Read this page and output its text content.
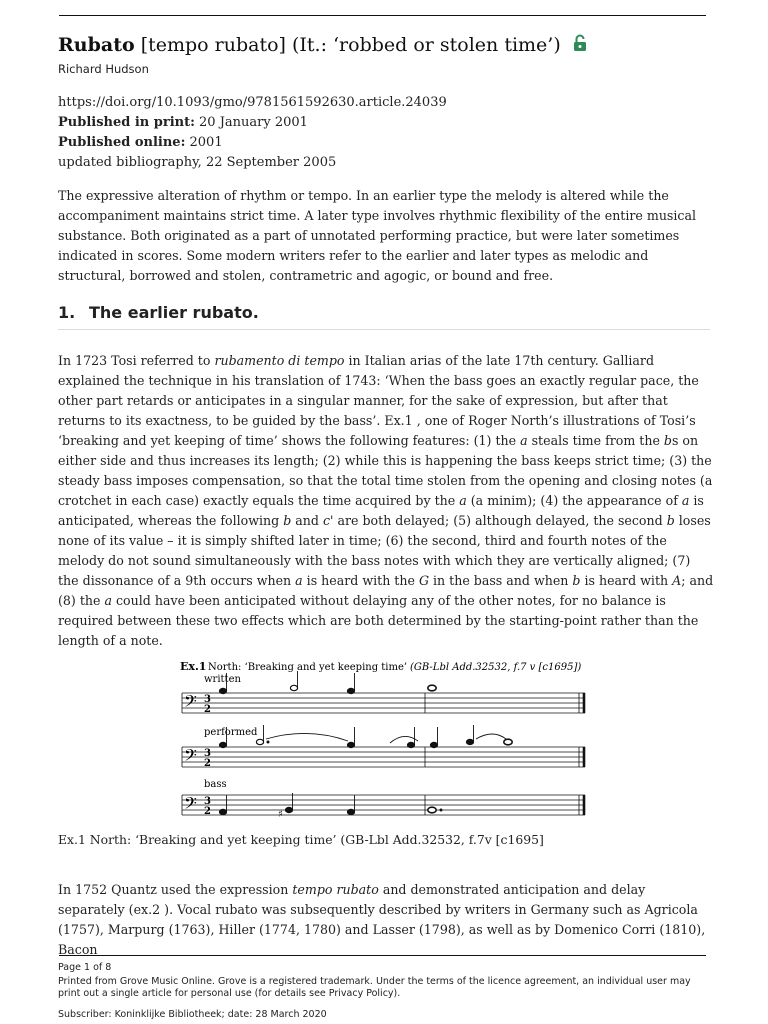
Rubato [tempo rubato] (It.: ‘robbed or stolen time’)
Richard Hudson
https://doi.org/10.1093/gmo/9781561592630.article.24039
Published in print: 20 January 2001
Published online: 2001
updated bibliography, 22 September 2005

The expressive alteration of rhythm or tempo. In an earlier type the melody is altered while the accompaniment maintains strict time. A later type involves rhythmic flexibility of the entire musical substance. Both originated as a part of unnotated performing practice, but were later sometimes indicated in scores. Some modern writers refer to the earlier and later types as melodic and structural, borrowed and stolen, contrametric and agogic, or bound and free.

1. The earlier rubato.

In 1723 Tosi referred to rubamento di tempo in Italian arias of the late 17th century. Galliard explained the technique in his translation of 1743: ‘When the bass goes an exactly regular pace, the other part retards or anticipates in a singular manner, for the sake of expression, but after that returns to its exactness, to be guided by the bass’. Ex.1 , one of Roger North’s illustrations of Tosi’s ‘breaking and yet keeping of time’ shows the following features: (1) the a steals time from the bs on either side and thus increases its length; (2) while this is happening the bass keeps strict time; (3) the steady bass imposes compensation, so that the total time stolen from the opening and closing notes (a crotchet in each case) exactly equals the time acquired by the a (a minim); (4) the appearance of a is anticipated, whereas the following b and c' are both delayed; (5) although delayed, the second b loses none of its value – it is simply shifted later in time; (6) the second, third and fourth notes of the melody do not sound simultaneously with the bass notes with which they are vertically aligned; (7) the dissonance of a 9th occurs when a is heard with the G in the bass and when b is heard with A; and (8) the a could have been anticipated without delaying any of the other notes, for no balance is required between these two effects which are both determined by the starting-point rather than the length of a note.

Ex.1 North: ‘Breaking and yet keeping time’ (GB-Lbl Add.32532, f.7 v [c1695])
written
𝄢 3
2
performed
𝄢 3
2
bass
𝄢 3
2	♯
Ex.1 North: ‘Breaking and yet keeping time’ (GB-Lbl Add.32532, f.7v [c1695]

In 1752 Quantz used the expression tempo rubato and demonstrated anticipation and delay separately (ex.2 ). Vocal rubato was subsequently described by writers in Germany such as Agricola (1757), Marpurg (1763), Hiller (1774, 1780) and Lasser (1798), as well as by Domenico Corri (1810), Bacon

Page 1 of 8
Printed from Grove Music Online. Grove is a registered trademark. Under the terms of the licence agreement, an individual user may print out a single article for personal use (for details see Privacy Policy).
Subscriber: Koninklijke Bibliotheek; date: 28 March 2020
